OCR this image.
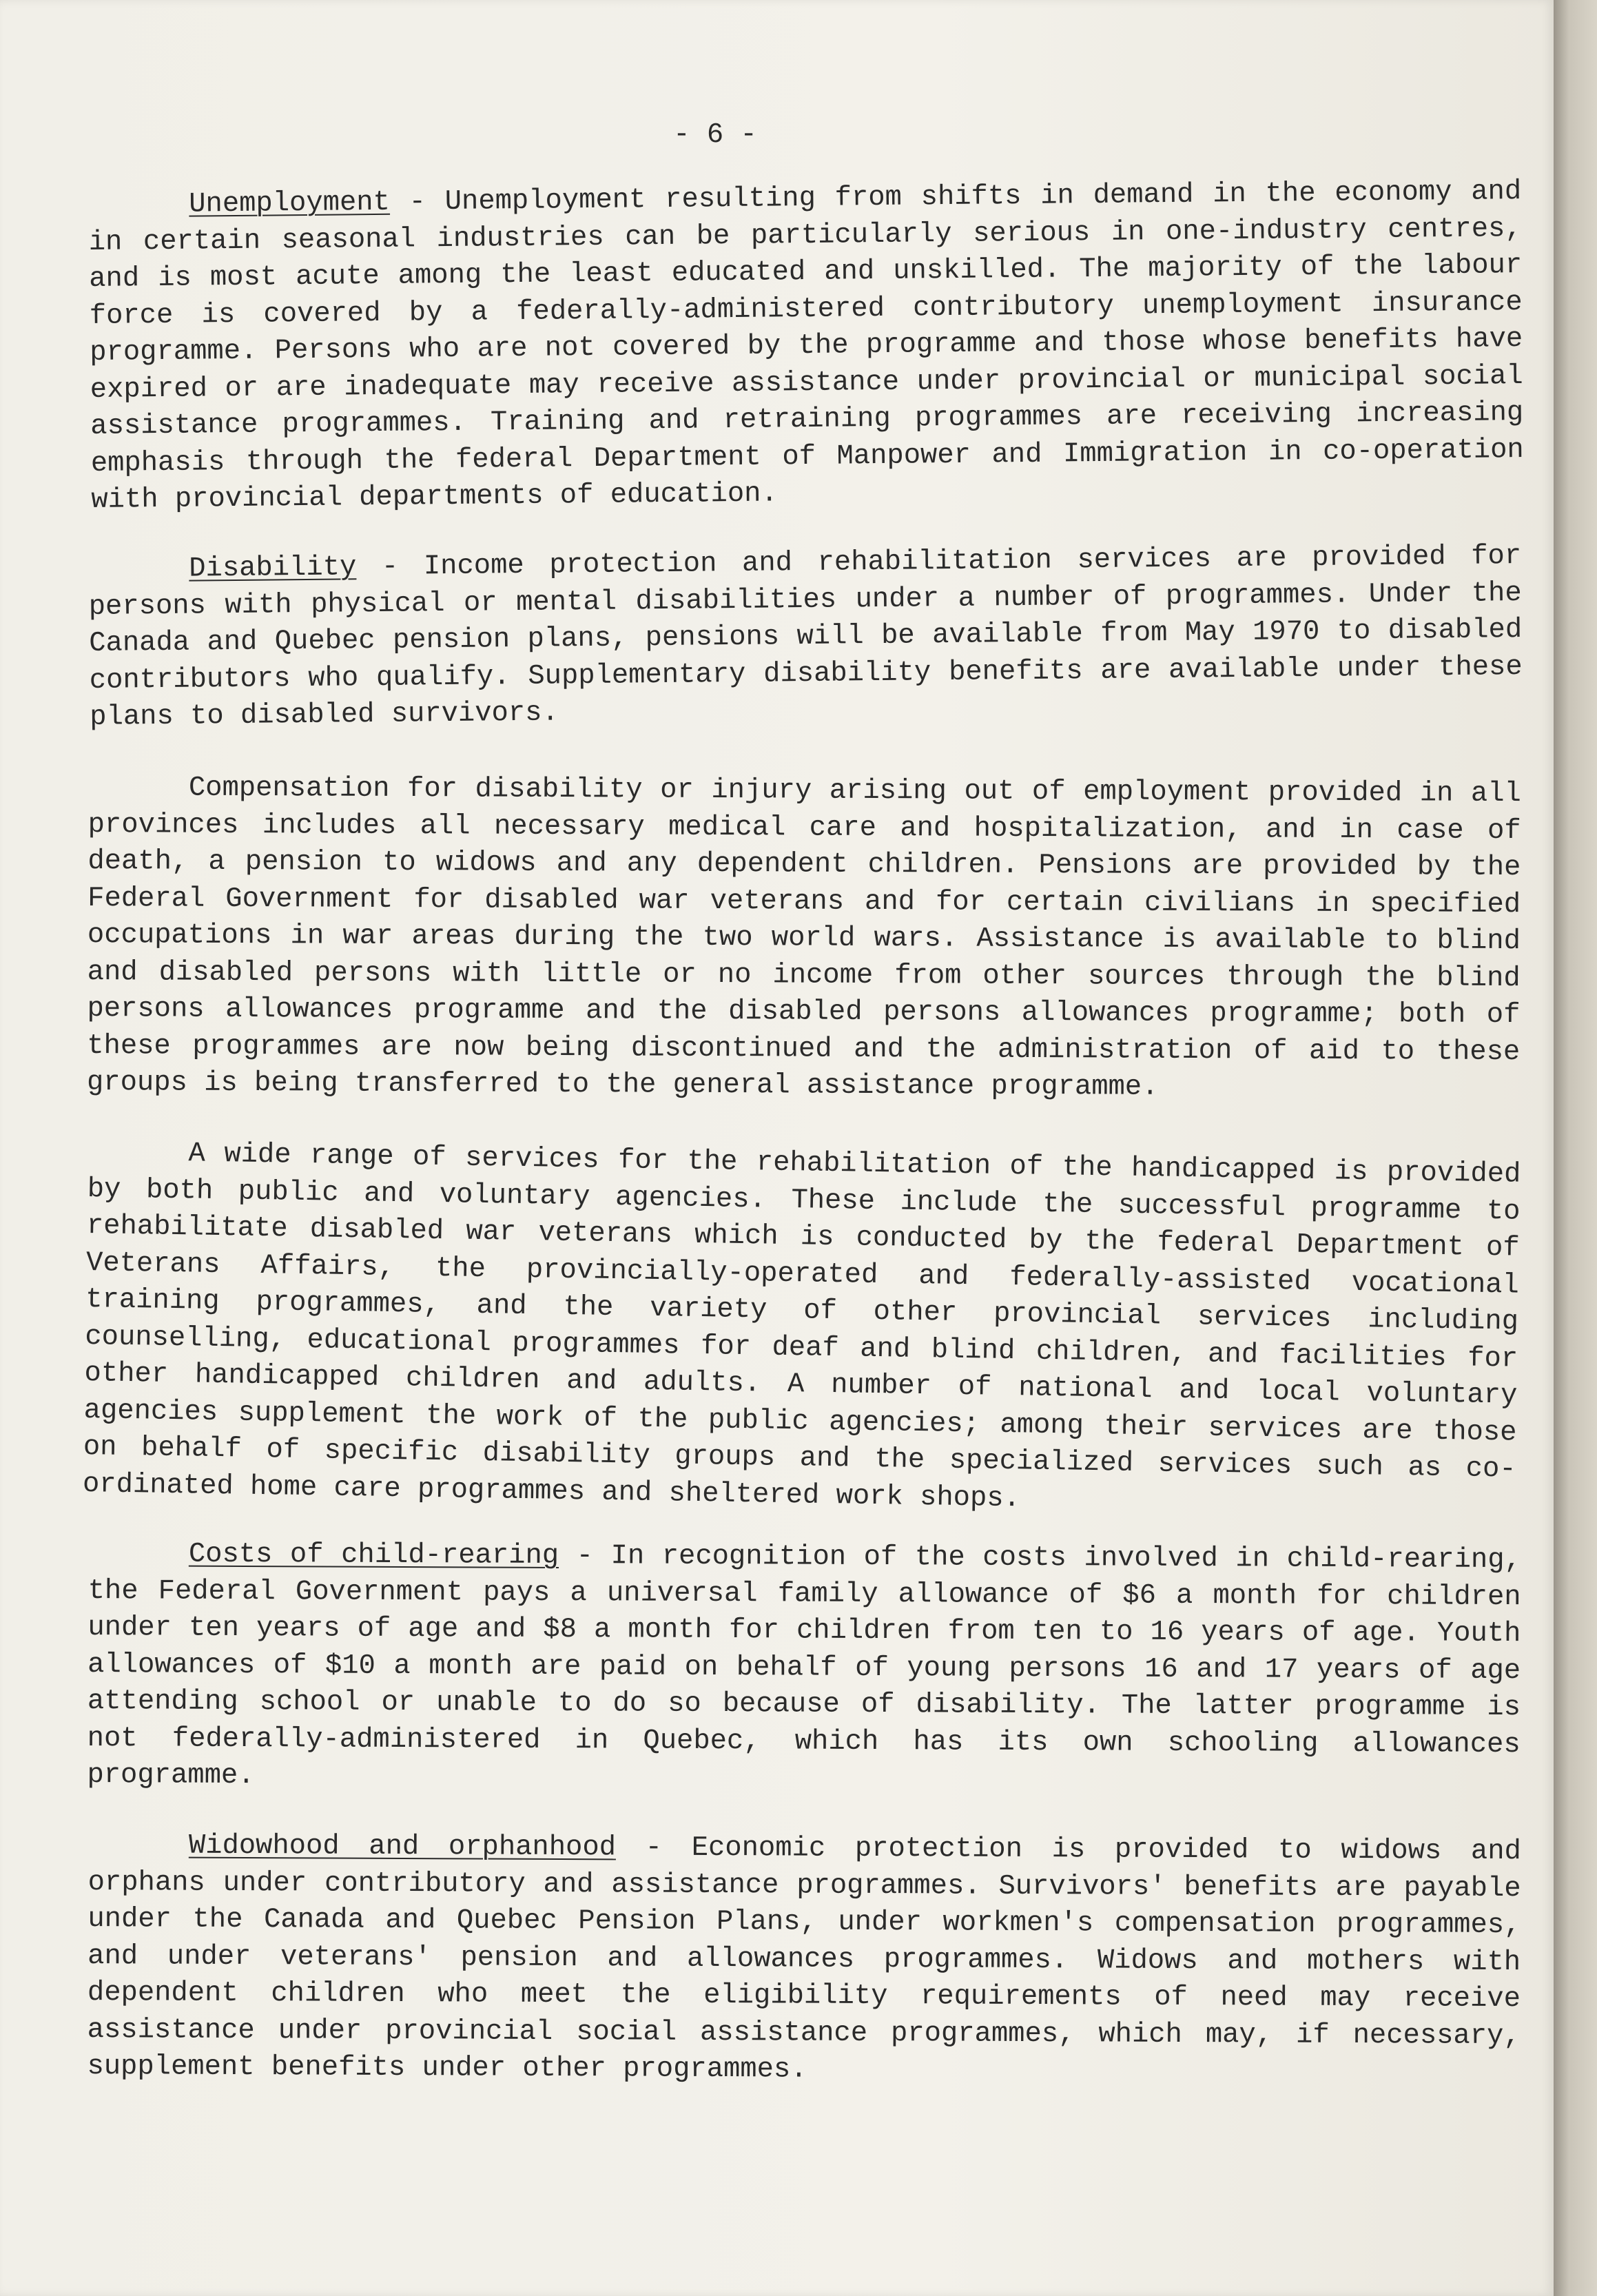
- 6 -

Unemployment - Unemployment resulting from shifts in demand in the economy and in certain seasonal industries can be particularly serious in one-industry centres, and is most acute among the least educated and unskilled. The majority of the labour force is covered by a federally-administered contributory unemployment insurance programme. Persons who are not covered by the programme and those whose benefits have expired or are inadequate may receive assistance under provincial or municipal social assistance programmes. Training and retraining programmes are receiving increasing emphasis through the federal Department of Manpower and Immigration in co-operation with provincial departments of education.

Disability - Income protection and rehabilitation services are provided for persons with physical or mental disabilities under a number of programmes. Under the Canada and Quebec pension plans, pensions will be available from May 1970 to disabled contributors who qualify. Supplementary disability benefits are available under these plans to disabled survivors.

Compensation for disability or injury arising out of employment provided in all provinces includes all necessary medical care and hospitalization, and in case of death, a pension to widows and any dependent children. Pensions are provided by the Federal Government for disabled war veterans and for certain civilians in specified occupations in war areas during the two world wars. Assistance is available to blind and disabled persons with little or no income from other sources through the blind persons allowances programme and the disabled persons allowances programme; both of these programmes are now being discontinued and the administration of aid to these groups is being transferred to the general assistance programme.

A wide range of services for the rehabilitation of the handicapped is provided by both public and voluntary agencies. These include the successful programme to rehabilitate disabled war veterans which is conducted by the federal Department of Veterans Affairs, the provincially-operated and federally-assisted vocational training programmes, and the variety of other provincial services including counselling, educational programmes for deaf and blind children, and facilities for other handicapped children and adults. A number of national and local voluntary agencies supplement the work of the public agencies; among their services are those on behalf of specific disability groups and the specialized services such as co-ordinated home care programmes and sheltered work shops.

Costs of child-rearing - In recognition of the costs involved in child-rearing, the Federal Government pays a universal family allowance of $6 a month for children under ten years of age and $8 a month for children from ten to 16 years of age. Youth allowances of $10 a month are paid on behalf of young persons 16 and 17 years of age attending school or unable to do so because of disability. The latter programme is not federally-administered in Quebec, which has its own schooling allowances programme.

Widowhood and orphanhood - Economic protection is provided to widows and orphans under contributory and assistance programmes. Survivors' benefits are payable under the Canada and Quebec Pension Plans, under workmen's compensation programmes, and under veterans' pension and allowances programmes. Widows and mothers with dependent children who meet the eligibility requirements of need may receive assistance under provincial social assistance programmes, which may, if necessary, supplement benefits under other programmes.
